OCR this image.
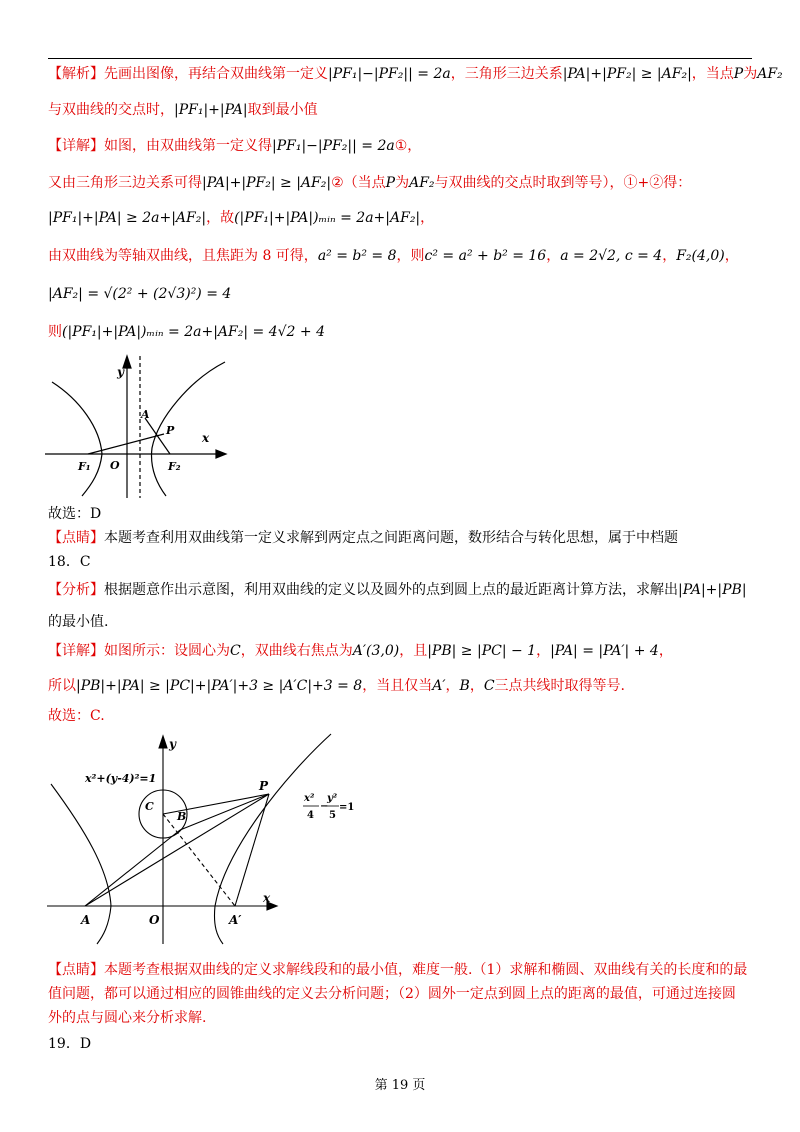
【解析】先画出图像，再结合双曲线第一定义|PF₁|−|PF₂|| = 2a，三角形三边关系|PA|+|PF₂| ≥ |AF₂|，当点P为AF₂
与双曲线的交点时，|PF₁|+|PA|取到最小值
【详解】如图，由双曲线第一定义得|PF₁|−|PF₂|| = 2a①，
又由三角形三边关系可得|PA|+|PF₂| ≥ |AF₂|②（当点P为AF₂与双曲线的交点时取到等号），①+②得：
|PF₁|+|PA| ≥ 2a+|AF₂|，故(|PF₁|+|PA|)ₘᵢₙ = 2a+|AF₂|，
由双曲线为等轴双曲线，且焦距为 8 可得，a² = b² = 8，则c² = a² + b² = 16，a = 2√2, c = 4，F₂(4,0)，
|AF₂| = √(2² + (2√3)²) = 4
则(|PF₁|+|PA|)ₘᵢₙ = 2a+|AF₂| = 4√2 + 4
y
x
A
P
F₁ O	F₂
故选：D
【点睛】本题考查利用双曲线第一定义求解到两定点之间距离问题，数形结合与转化思想，属于中档题
18．C
【分析】根据题意作出示意图，利用双曲线的定义以及圆外的点到圆上点的最近距离计算方法，求解出|PA|+|PB|
的最小值.
【详解】如图所示：设圆心为C，双曲线右焦点为A′(3,0)，且|PB| ≥ |PC| − 1，|PA| = |PA′| + 4，
所以|PB|+|PA| ≥ |PC|+|PA′|+3 ≥ |A′C|+3 = 8，当且仅当A′，B，C三点共线时取得等号.
故选：C.
y
x
x²+(y-4)²=1
C
B
P
x²
4
−
y²
5
=1
A	O	A′
【点睛】本题考查根据双曲线的定义求解线段和的最小值，难度一般.（1）求解和椭圆、双曲线有关的长度和的最
值问题，都可以通过相应的圆锥曲线的定义去分析问题；（2）圆外一定点到圆上点的距离的最值，可通过连接圆
外的点与圆心来分析求解.
19．D
第 19 页
